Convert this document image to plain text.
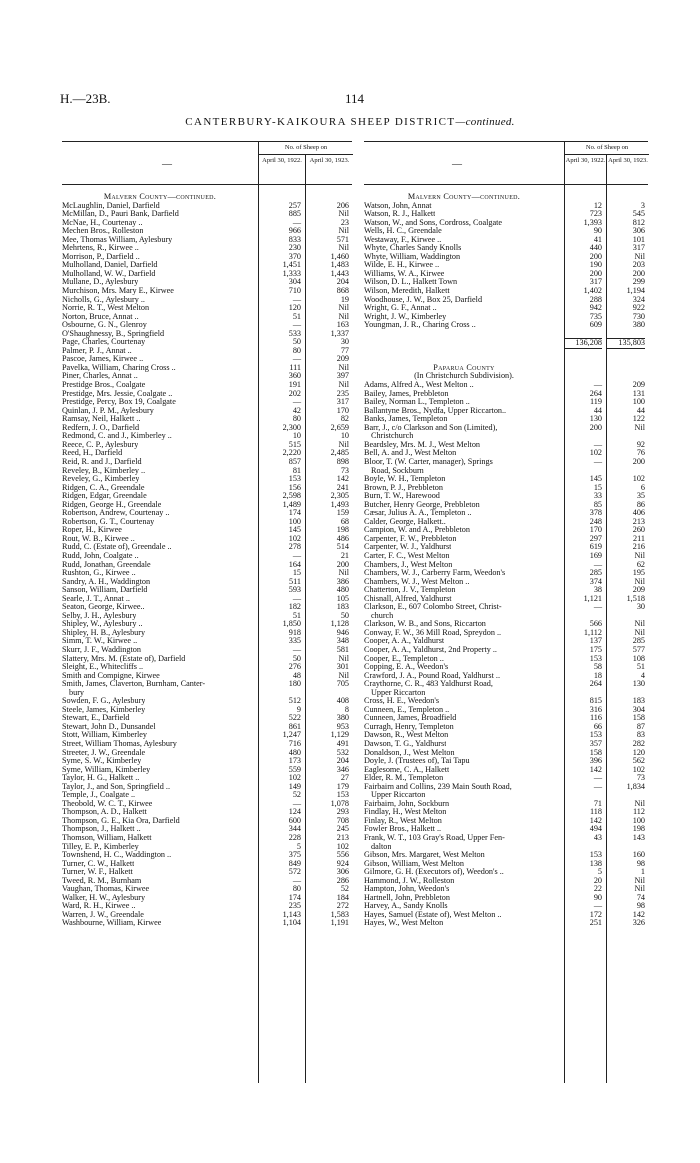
H.—23B.	114
CANTERBURY-KAIKOURA SHEEP DISTRICT—continued.
—
No. of Sheep on
April 30, 1922.	April 30, 1923.
Malvern County—continued.
McLaughlin, Daniel, Darfield	257	206
McMillan, D., Pauri Bank, Darfield	885	Nil
McNae, H., Courtenay ..	—	23
Mechen Bros., Rolleston	966	Nil
Mee, Thomas William, Aylesbury	833	571
Mehrtens, R., Kirwee ..	230	Nil
Morrison, P., Darfield ..	370	1,460
Mulholland, Daniel, Darfield	1,451	1,483
Mulholland, W. W., Darfield	1,333	1,443
Mullane, D., Aylesbury	304	204
Murchison, Mrs. Mary E., Kirwee	710	868
Nicholls, G., Aylesbury ..	—	19
Norrie, R. T., West Melton	120	Nil
Norton, Bruce, Annat ..	51	Nil
Osbourne, G. N., Glenroy	—	163
O'Shaughnessy, B., Springfield	533	1,337
Page, Charles, Courtenay	50	30
Palmer, P. J., Annat ..	80	77
Pascoe, James, Kirwee ..	—	209
Pavelka, William, Charing Cross ..	111	Nil
Piner, Charles, Annat ..	360	397
Prestidge Bros., Coalgate	191	Nil
Prestidge, Mrs. Jessie, Coalgate ..	202	235
Prestidge, Percy, Box 19, Coalgate	—	317
Quinlan, J. P. M., Aylesbury	42	170
Ramsay, Neil, Halkett ..	80	82
Redfern, J. O., Darfield	2,300	2,659
Redmond, C. and J., Kimberley ..	10	10
Reece, C. P., Aylesbury	515	Nil
Reed, H., Darfield	2,220	2,485
Reid, R. and J., Darfield	857	898
Reveley, B., Kimberley ..	81	73
Reveley, G., Kimberley	153	142
Ridgen, C. A., Greendale	156	241
Ridgen, Edgar, Greendale	2,598	2,305
Ridgen, George H., Greendale	1,489	1,493
Robertson, Andrew, Courtenay ..	174	159
Robertson, G. T., Courtenay	100	68
Roper, H., Kirwee	145	198
Rout, W. B., Kirwee ..	102	486
Rudd, C. (Estate of), Greendale ..	278	514
Rudd, John, Coalgate ..	—	21
Rudd, Jonathan, Greendale	164	200
Rushton, G., Kirwee ..	15	Nil
Sandry, A. H., Waddington	511	386
Sanson, William, Darfield	593	480
Searle, J. T., Annat ..	—	105
Seaton, George, Kirwee..	182	183
Selby, J. H., Aylesbury	51	50
Shipley, W., Aylesbury ..	1,850	1,128
Shipley, H. B., Aylesbury	918	946
Simm, T. W., Kirwee ..	335	348
Skurr, J. F., Waddington	—	581
Slattery, Mrs. M. (Estate of), Darfield	50	Nil
Sleight, E., Whitecliffs ..	276	301
Smith and Compigne, Kirwee	48	Nil
Smith, James, Claverton, Burnham, Canter-	180	705
bury
Sowden, F. G., Aylesbury	512	408
Steele, James, Kimberley	9	8
Stewart, E., Darfield	522	380
Stewart, John D., Dunsandel	861	953
Stott, William, Kimberley	1,247	1,129
Street, William Thomas, Aylesbury	716	491
Streeter, J. W., Greendale	480	532
Syme, S. W., Kimberley	173	204
Syme, William, Kimberley	559	346
Taylor, H. G., Halkett ..	102	27
Taylor, J., and Son, Springfield ..	149	179
Temple, J., Coalgate ..	52	153
Theobold, W. C. T., Kirwee	—	1,078
Thompson, A. D., Halkett	124	293
Thompson, G. E., Kia Ora, Darfield	600	708
Thompson, J., Halkett ..	344	245
Thomson, William, Halkett	228	213
Tilley, E. P., Kimberley	5	102
Townshend, H. C., Waddington ..	375	556
Turner, C. W., Halkett	849	924
Turner, W. F., Halkett	572	306
Tweed, R. M., Burnham	—	286
Vaughan, Thomas, Kirwee	80	52
Walker, H. W., Aylesbury	174	184
Ward, R. H., Kirwee ..	235	272
Warren, J. W., Greendale	1,143	1,583
Washbourne, William, Kirwee	1,104	1,191
—
No. of Sheep on
April 30, 1922. April 30, 1923.
Malvern County—continued.
Watson, John, Annat	12	3
Watson, R. J., Halkett	723	545
Watson, W., and Sons, Cordross, Coalgate	1,393	812
Wells, H. C., Greendale	90	306
Westaway, F., Kirwee ..	41	101
Whyte, Charles Sandy Knolls	440	317
Whyte, William, Waddington	200	Nil
Wilde, E. H., Kirwee ..	190	203
Williams, W. A., Kirwee	200	200
Wilson, D. L., Halkett Town	317	299
Wilson, Meredith, Halkett	1,402	1,194
Woodhouse, J. W., Box 25, Darfield	288	324
Wright, G. F., Annat ..	942	922
Wright, J. W., Kimberley	735	730
Youngman, J. R., Charing Cross ..	609	380
136,208	135,803
Paparua County
(In Christchurch Subdivision).
Adams, Alfred A., West Melton ..	—	209
Bailey, James, Prebbleton	264	131
Bailey, Norman L., Templeton ..	119	100
Ballantyne Bros., Nydfa, Upper Riccarton..	44	44
Banks, James, Templeton	130	122
Barr, J., c/o Clarkson and Son (Limited),	200	Nil
Christchurch
Beardsley, Mrs. M. J., West Melton	—	92
Bell, A. and J., West Melton	102	76
Bloor, T. (W. Carter, manager), Springs	—	200
Road, Sockburn
Boyle, W. H., Templeton	145	102
Brown, P. J., Prebbleton	15	6
Burn, T. W., Harewood	33	35
Butcher, Henry George, Prebbleton	85	86
Cæsar, Julius A. A., Templeton ..	378	406
Calder, George, Halkett..	248	213
Campion, W. and A., Prebbleton	170	260
Carpenter, F. W., Prebbleton	297	211
Carpenter, W. J., Yaldhurst	619	216
Carter, F. C., West Melton	169	Nil
Chambers, J., West Melton	—	62
Chambers, W. J., Carberry Farm, Weedon's	285	195
Chambers, W. J., West Melton ..	374	Nil
Chatterton, J. V., Templeton	38	209
Chisnall, Alfred, Yaldhurst	1,121	1,518
Clarkson, E., 607 Colombo Street, Christ-	—	30
church
Clarkson, W. B., and Sons, Riccarton	566	Nil
Conway, F. W., 36 Mill Road, Spreydon ..	1,112	Nil
Cooper, A. A., Yaldhurst	137	285
Cooper, A. A., Yaldhurst, 2nd Property ..	175	577
Cooper, E., Templeton ..	153	108
Copping, E. A., Weedon's	58	51
Crawford, J. A., Pound Road, Yaldhurst ..	18	4
Craythorne, C. R., 483 Yaldhurst Road,	264	130
Upper Riccarton
Cross, H. E., Weedon's	815	183
Cunneen, E., Templeton ..	316	304
Cunneen, James, Broadfield	116	158
Curragh, Henry, Templeton	66	87
Dawson, R., West Melton	153	83
Dawson, T. G., Yaldhurst	357	282
Donaldson, J., West Melton	158	120
Doyle, J. (Trustees of), Tai Tapu	396	562
Eaglesome, C. A., Halkett	142	102
Elder, R. M., Templeton	—	73
Fairbairn and Collins, 239 Main South Road,	—	1,834
Upper Riccarton
Fairbairn, John, Sockburn	71	Nil
Findlay, H., West Melton	118	112
Finlay, R., West Melton	142	100
Fowler Bros., Halkett ..	494	198
Frank, W. T., 103 Gray's Road, Upper Fen-	43	143
dalton
Gibson, Mrs. Margaret, West Melton	153	160
Gibson, William, West Melton	138	98
Gilmore, G. H. (Executors of), Weedon's ..	5	1
Hammond, J. W., Rolleston	20	Nil
Hampton, John, Weedon's	22	Nil
Hartnell, John, Prebbleton	90	74
Harvey, A., Sandy Knolls	—	98
Hayes, Samuel (Estate of), West Melton ..	172	142
Hayes, W., West Melton	251	326
